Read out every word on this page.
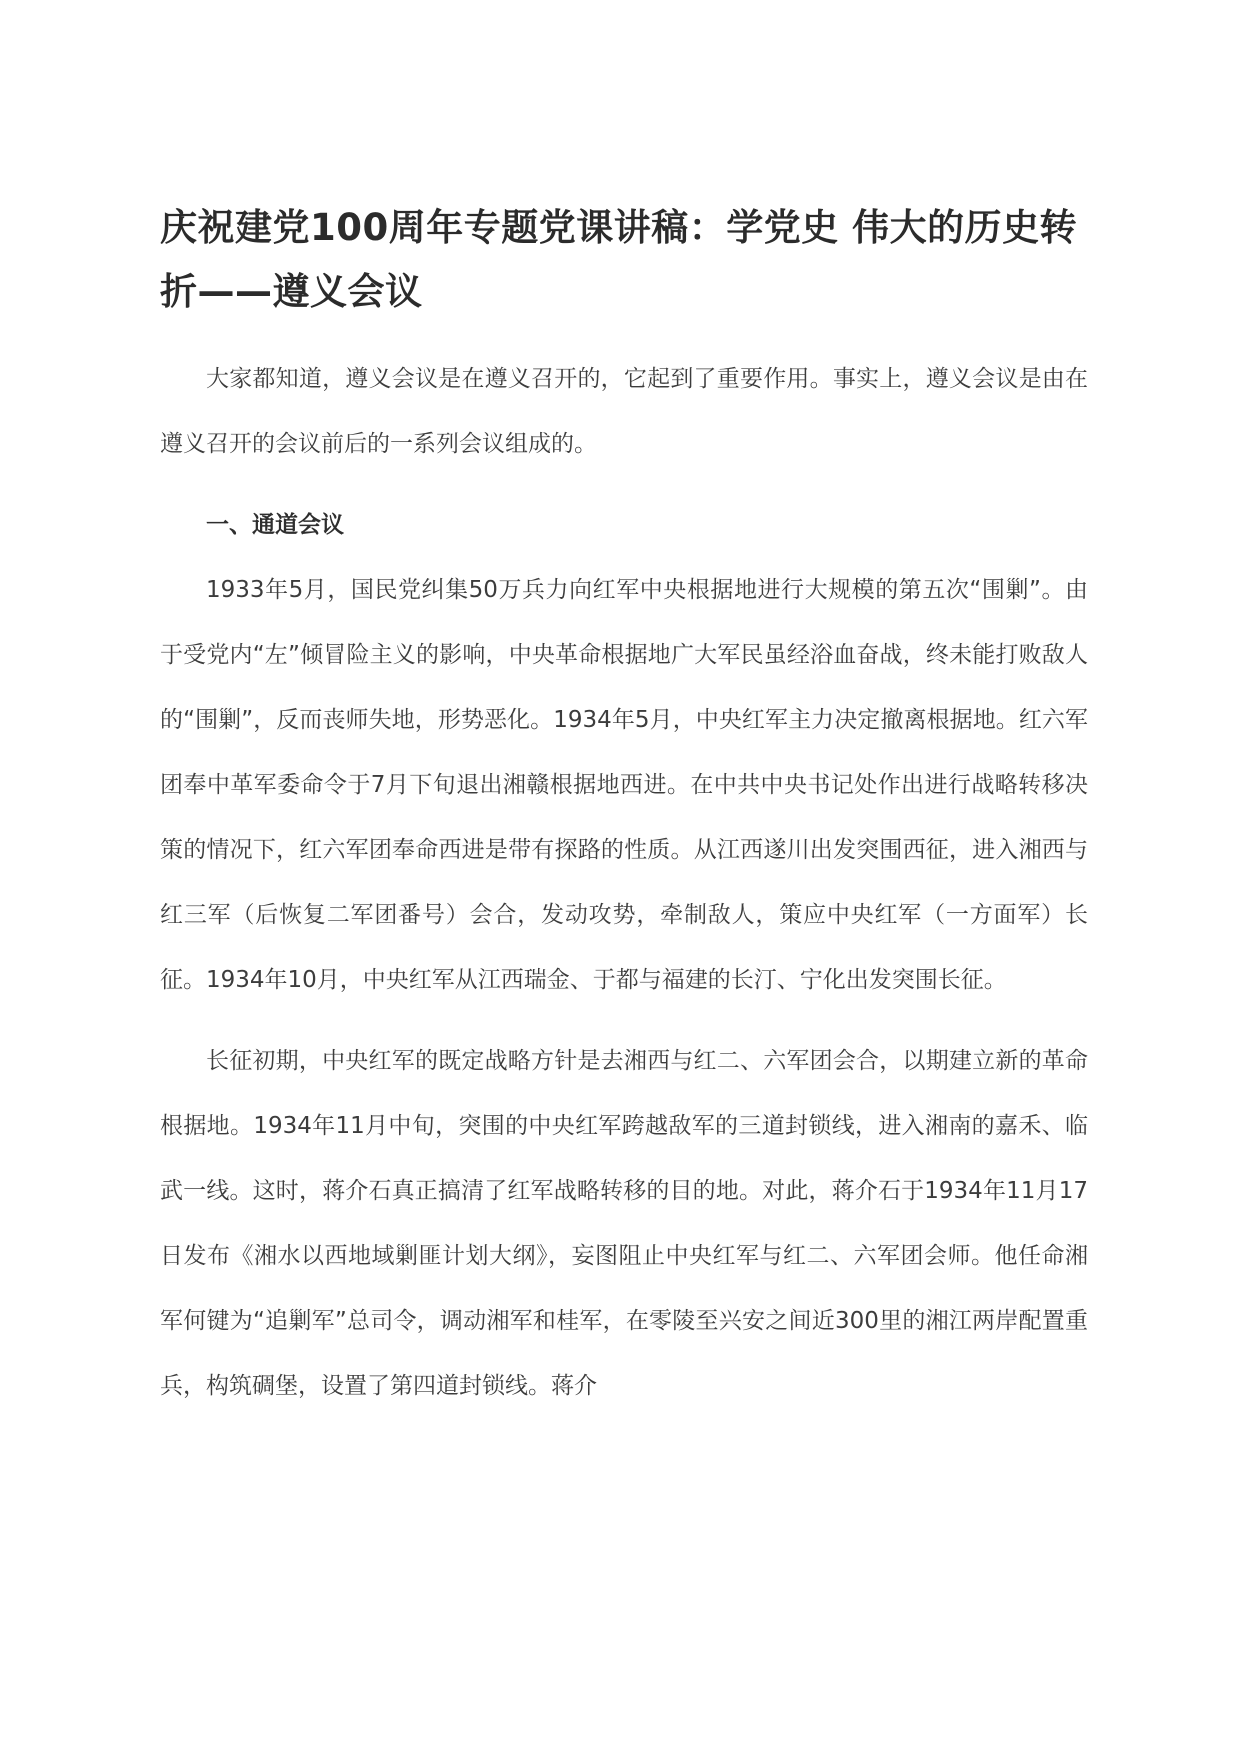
庆祝建党100周年专题党课讲稿：学党史 伟大的历史转折——遵义会议

大家都知道，遵义会议是在遵义召开的，它起到了重要作用。事实上，遵义会议是由在遵义召开的会议前后的一系列会议组成的。

一、通道会议

1933年5月，国民党纠集50万兵力向红军中央根据地进行大规模的第五次“围剿”。由于受党内“左”倾冒险主义的影响，中央革命根据地广大军民虽经浴血奋战，终未能打败敌人的“围剿”，反而丧师失地，形势恶化。1934年5月，中央红军主力决定撤离根据地。红六军团奉中革军委命令于7月下旬退出湘赣根据地西进。在中共中央书记处作出进行战略转移决策的情况下，红六军团奉命西进是带有探路的性质。从江西遂川出发突围西征，进入湘西与红三军（后恢复二军团番号）会合，发动攻势，牵制敌人，策应中央红军（一方面军）长征。1934年10月，中央红军从江西瑞金、于都与福建的长汀、宁化出发突围长征。

长征初期，中央红军的既定战略方针是去湘西与红二、六军团会合，以期建立新的革命根据地。1934年11月中旬，突围的中央红军跨越敌军的三道封锁线，进入湘南的嘉禾、临武一线。这时，蒋介石真正搞清了红军战略转移的目的地。对此，蒋介石于1934年11月17日发布《湘水以西地域剿匪计划大纲》，妄图阻止中央红军与红二、六军团会师。他任命湘军何键为“追剿军”总司令，调动湘军和桂军，在零陵至兴安之间近300里的湘江两岸配置重兵，构筑碉堡，设置了第四道封锁线。蒋介
